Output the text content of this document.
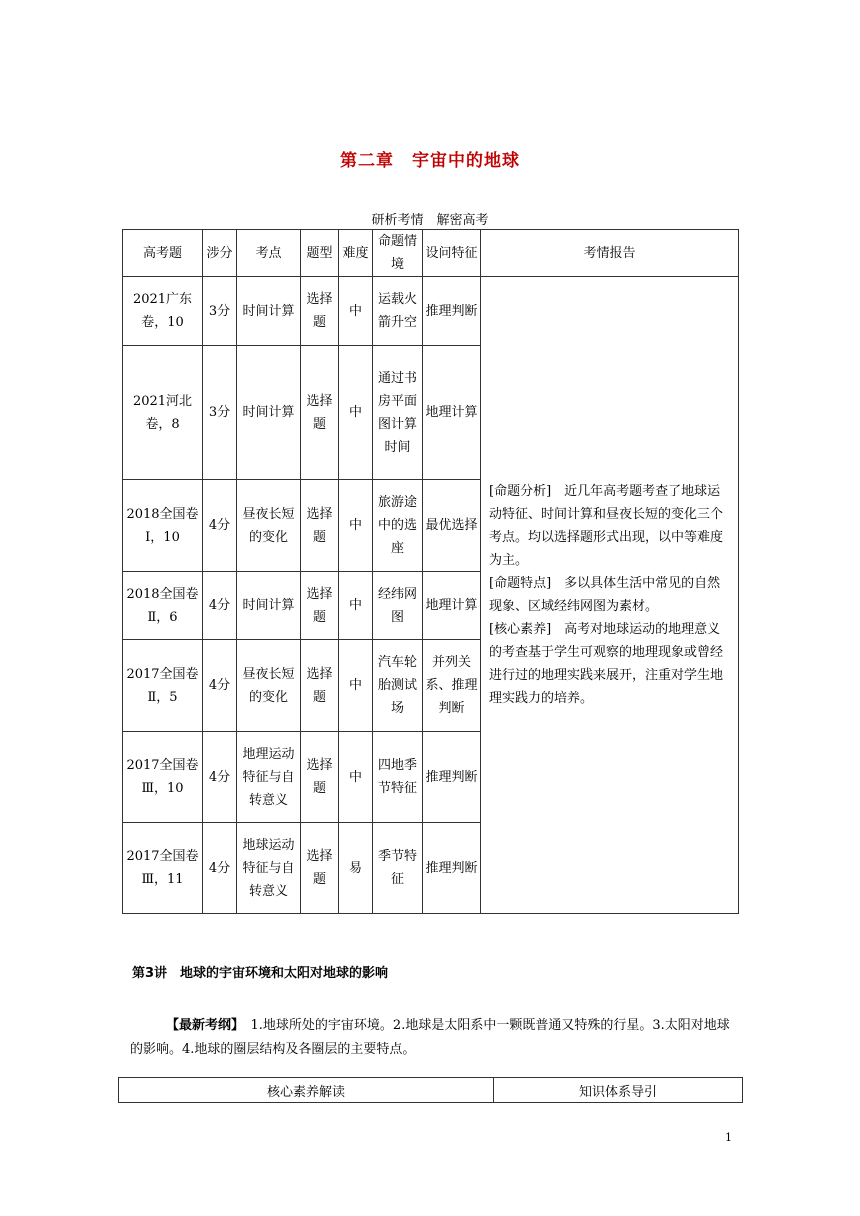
第二章　 宇宙中的地球
研析考情　解密高考
高考题	涉分	考点	题型	难度	命题情境	设问特征	考情报告
2021广东卷，10	3分	时间计算	选择题	中	运载火箭升空	推理判断	[命题分析]　近几年高考题考查了地球运动特征、时间计算和昼夜长短的变化三个考点。均以选择题形式出现，以中等难度为主。

[命题特点]　多以具体生活中常见的自然现象、区域经纬网图为素材。

[核心素养]　高考对地球运动的地理意义的考查基于学生可观察的地理现象或曾经进行过的地理实践来展开，注重对学生地理实践力的培养。

2021河北卷，8	3分	时间计算	选择题	中	通过书房平面图计算时间	地理计算	
2018全国卷Ⅰ，10	4分	昼夜长短的变化	选择题	中	旅游途中的选座	最优选择	
2018全国卷Ⅱ，6	4分	时间计算	选择题	中	经纬网图	地理计算	
2017全国卷Ⅱ，5	4分	昼夜长短的变化	选择题	中	汽车轮胎测试场	并列关系、推理判断	
2017全国卷Ⅲ，10	4分	地理运动特征与自转意义	选择题	中	四地季节特征	推理判断	
2017全国卷Ⅲ，11	4分	地球运动特征与自转意义	选择题	易	季节特征	推理判断	
第3讲　地球的宇宙环境和太阳对地球的影响
【最新考纲】　 1.地球所处的宇宙环境。2.地球是太阳系中一颗既普通又特殊的行星。3.太阳对地球的影响。4.地球的圈层结构及各圈层的主要特点。
核心素养解读	知识体系导引
1
